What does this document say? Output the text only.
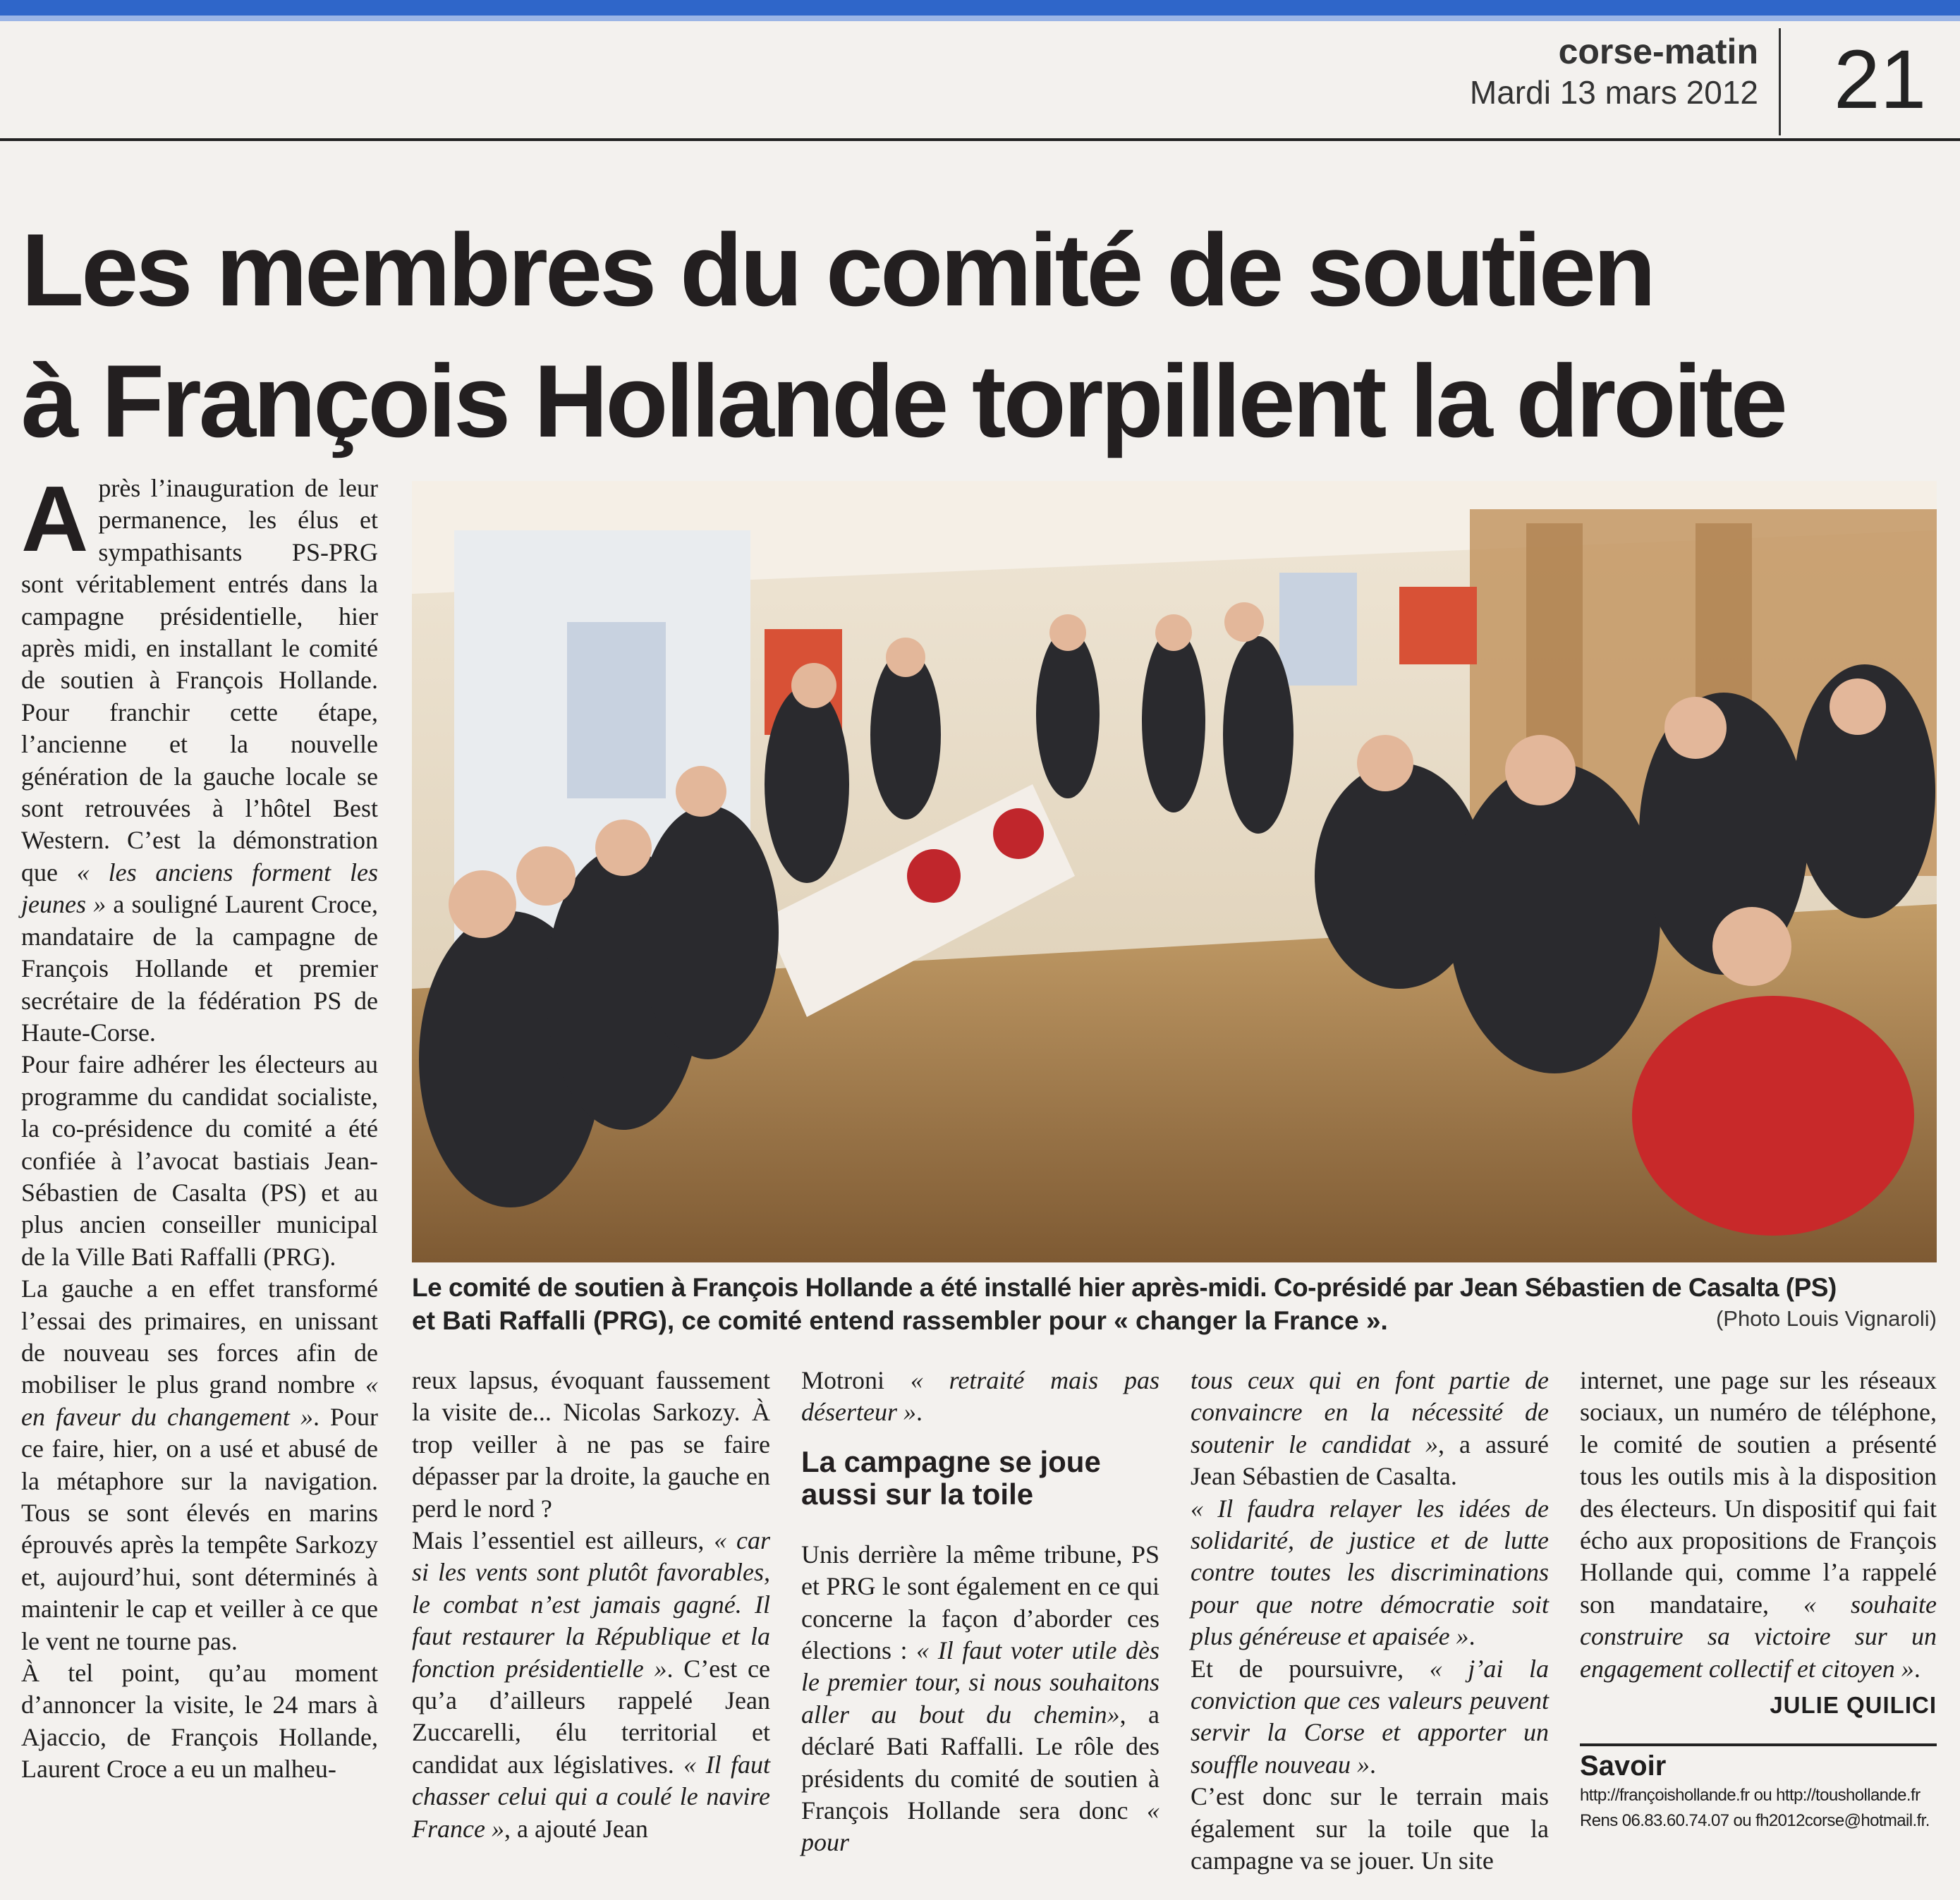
corse-matin
Mardi 13 mars 2012 21
Les membres du comité de soutien
à François Hollande torpillent la droite

Après l’inauguration de leur permanence, les élus et sympathisants PS-PRG sont véritablement entrés dans la campagne présidentielle, hier après midi, en installant le comité de soutien à François Hollande. Pour franchir cette étape, l’ancienne et la nouvelle génération de la gauche locale se sont retrouvées à l’hôtel Best Western. C’est la démonstration que « les anciens forment les jeunes » a souligné Laurent Croce, mandataire de la campagne de François Hollande et premier secrétaire de la fédération PS de Haute-Corse.

Pour faire adhérer les électeurs au programme du candidat socialiste, la co-présidence du comité a été confiée à l’avocat bastiais Jean-Sébastien de Casalta (PS) et au plus ancien conseiller municipal de la Ville Bati Raffalli (PRG).

La gauche a en effet transformé l’essai des primaires, en unissant de nouveau ses forces afin de mobiliser le plus grand nombre « en faveur du changement ». Pour ce faire, hier, on a usé et abusé de la métaphore sur la navigation. Tous se sont élevés en marins éprouvés après la tempête Sarkozy et, aujourd’hui, sont déterminés à maintenir le cap et veiller à ce que le vent ne tourne pas.

À tel point, qu’au moment d’annoncer la visite, le 24 mars à Ajaccio, de François Hollande, Laurent Croce a eu un malheu-

Le comité de soutien à François Hollande a été installé hier après-midi. Co-présidé par Jean Sébastien de Casalta (PS)
et Bati Raffalli (PRG), ce comité entend rassembler pour « changer la France ».	(Photo Louis Vignaroli)

reux lapsus, évoquant faussement la visite de... Nicolas Sarkozy. À trop veiller à ne pas se faire dépasser par la droite, la gauche en perd le nord ?

Mais l’essentiel est ailleurs, « car si les vents sont plutôt favorables, le combat n’est jamais gagné. Il faut restaurer la République et la fonction présidentielle ». C’est ce qu’a d’ailleurs rappelé Jean Zuccarelli, élu territorial et candidat aux législatives. « Il faut chasser celui qui a coulé le navire France », a ajouté Jean

Motroni « retraité mais pas déserteur ».

La campagne se joue aussi sur la toile

Unis derrière la même tribune, PS et PRG le sont également en ce qui concerne la façon d’aborder ces élections : « Il faut voter utile dès le premier tour, si nous souhaitons aller au bout du chemin», a déclaré Bati Raffalli. Le rôle des présidents du comité de soutien à François Hollande sera donc « pour

tous ceux qui en font partie de convaincre en la nécessité de soutenir le candidat », a assuré Jean Sébastien de Casalta.

« Il faudra relayer les idées de solidarité, de justice et de lutte contre toutes les discriminations pour que notre démocratie soit plus généreuse et apaisée ».

Et de poursuivre, « j’ai la conviction que ces valeurs peuvent servir la Corse et apporter un souffle nouveau ».

C’est donc sur le terrain mais également sur la toile que la campagne va se jouer. Un site

internet, une page sur les réseaux sociaux, un numéro de téléphone, le comité de soutien a présenté tous les outils mis à la disposition des électeurs. Un dispositif qui fait écho aux propositions de François Hollande qui, comme l’a rappelé son mandataire, « souhaite construire sa victoire sur un engagement collectif et citoyen ».

JULIE QUILICI
Savoir
http://françoishollande.fr ou http://toushollande.fr
Rens 06.83.60.74.07 ou fh2012corse@hotmail.fr.
